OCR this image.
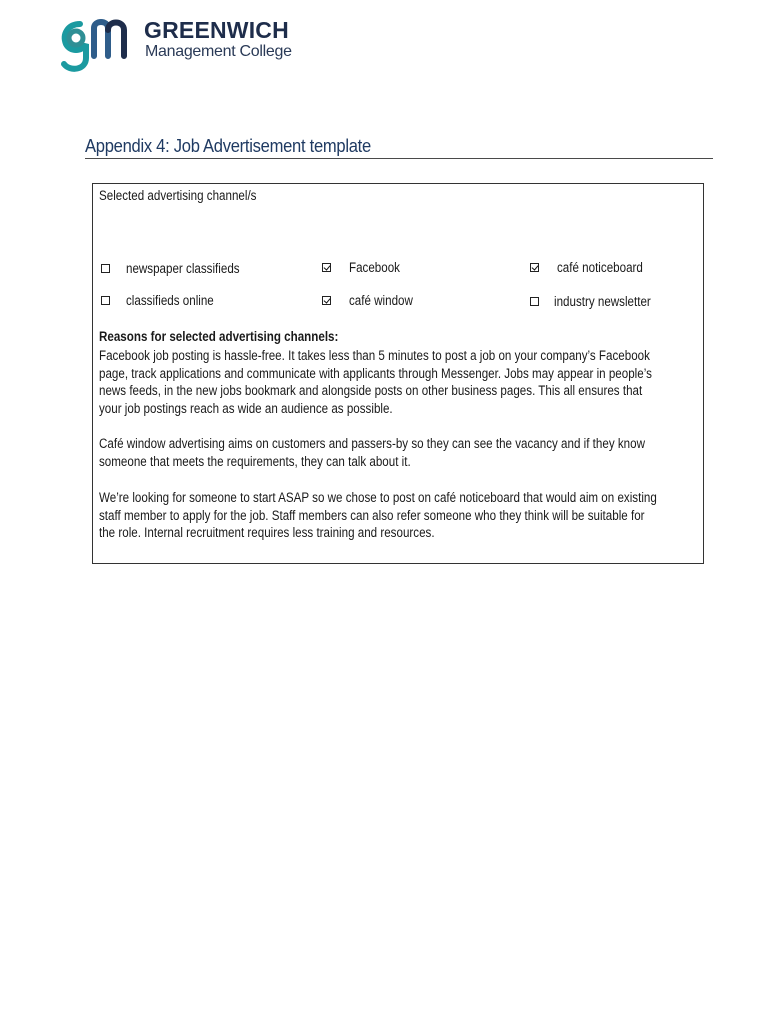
GREENWICH
Management College
Appendix 4: Job Advertisement template
Selected advertising channel/s
newspaper classifieds	Facebook	café noticeboard
classifieds online	café window	industry newsletter
Reasons for selected advertising channels:
Facebook job posting is hassle-free. It takes less than 5 minutes to post a job on your company’s Facebook
page, track applications and communicate with applicants through Messenger. Jobs may appear in people’s
news feeds, in the new jobs bookmark and alongside posts on other business pages. This all ensures that
your job postings reach as wide an audience as possible.
Café window advertising aims on customers and passers-by so they can see the vacancy and if they know
someone that meets the requirements, they can talk about it.
We’re looking for someone to start ASAP so we chose to post on café noticeboard that would aim on existing
staff member to apply for the job. Staff members can also refer someone who they think will be suitable for
the role. Internal recruitment requires less training and resources.
